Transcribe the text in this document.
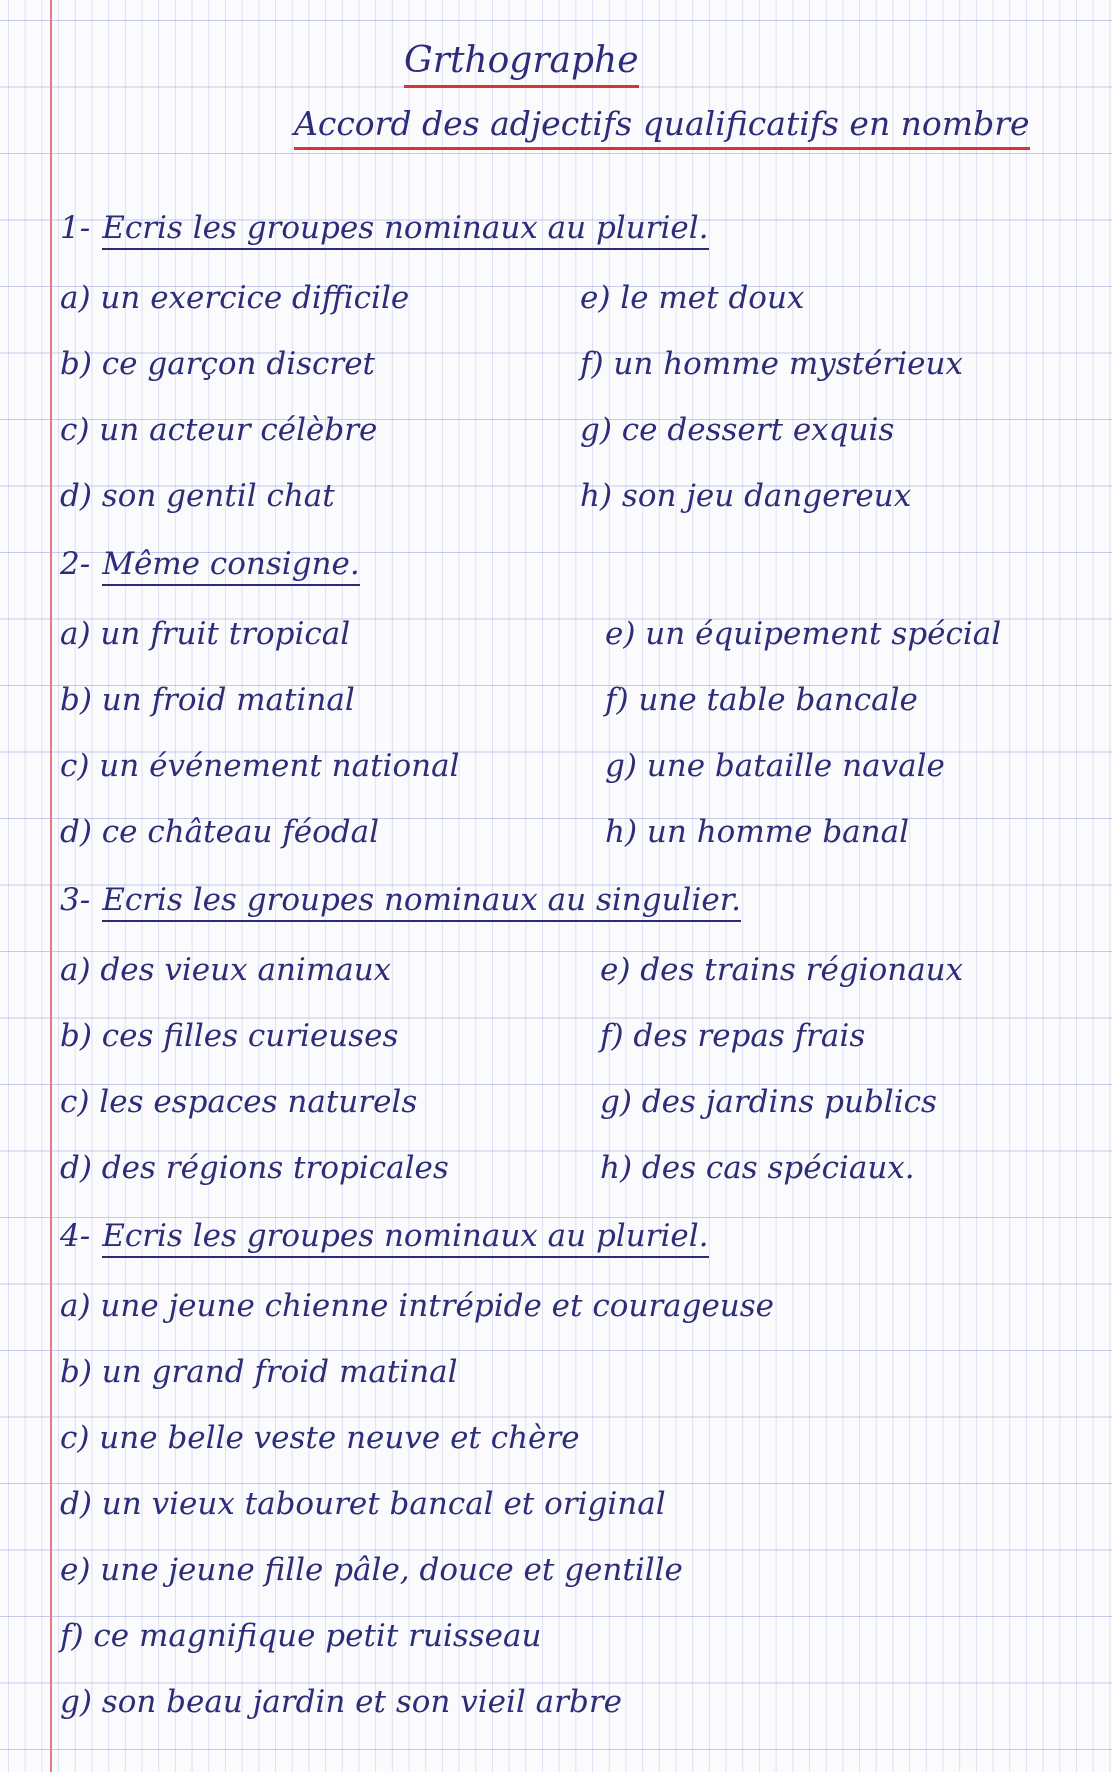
Grthographe
Accord des adjectifs qualificatifs en nombre
1- Ecris les groupes nominaux au pluriel.
a) un exercice difficile
b) ce garçon discret
c) un acteur célèbre
d) son gentil chat
e) le met doux
f) un homme mystérieux
g) ce dessert exquis
h) son jeu dangereux
2- Même consigne.
a) un fruit tropical
b) un froid matinal
c) un événement national
d) ce château féodal
e) un équipement spécial
f) une table bancale
g) une bataille navale
h) un homme banal
3- Ecris les groupes nominaux au singulier.
a) des vieux animaux
b) ces filles curieuses
c) les espaces naturels
d) des régions tropicales
e) des trains régionaux
f) des repas frais
g) des jardins publics
h) des cas spéciaux.
4- Ecris les groupes nominaux au pluriel.
a) une jeune chienne intrépide et courageuse
b) un grand froid matinal
c) une belle veste neuve et chère
d) un vieux tabouret bancal et original
e) une jeune fille pâle, douce et gentille
f) ce magnifique petit ruisseau
g) son beau jardin et son vieil arbre
